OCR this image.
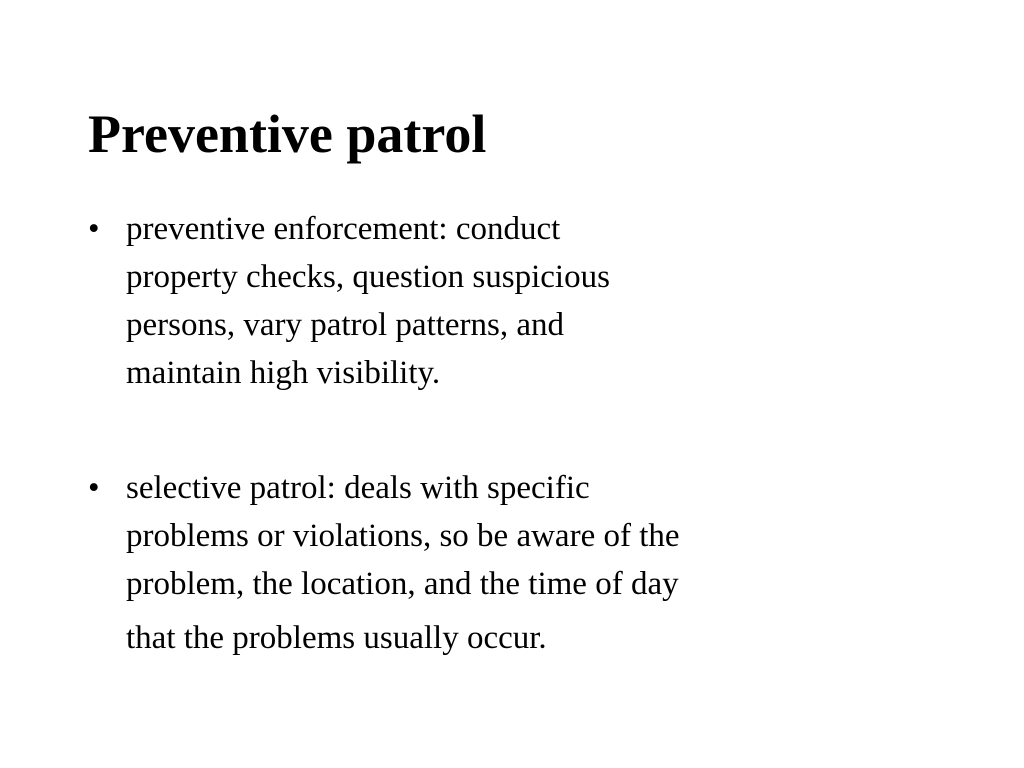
Preventive patrol
• preventive enforcement: conduct
property checks, question suspicious
persons, vary patrol patterns, and
maintain high visibility.
• selective patrol: deals with specific
problems or violations, so be aware of the
problem, the location, and the time of day
that the problems usually occur.
